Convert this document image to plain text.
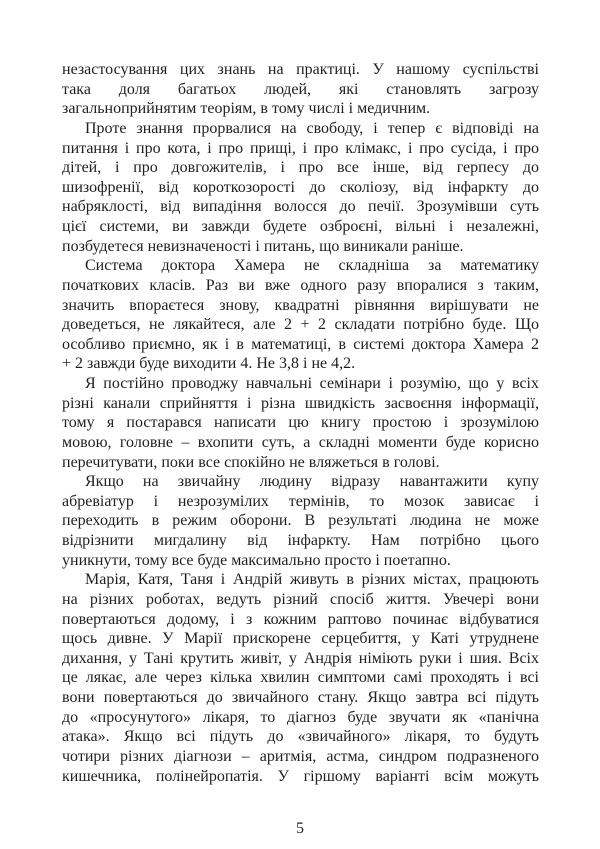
незастосування цих знань на практиці. У нашому суспільстві
така доля багатьох людей, які становлять загрозу
загальноприйнятим теоріям, в тому числі і медичним.
Проте знання прорвалися на свободу, і тепер є відповіді на
питання і про кота, і про прищі, і про клімакс, і про сусіда, і про
дітей, і про довгожителів, і про все інше, від герпесу до
шизофренії, від короткозорості до сколіозу, від інфаркту до
набряклості, від випадіння волосся до печії. Зрозумівши суть
цієї системи, ви завжди будете озброєні, вільні і незалежні,
позбудетеся невизначеності і питань, що виникали раніше.
Система доктора Хамера не складніша за математику
початкових класів. Раз ви вже одного разу впоралися з таким,
значить впораєтеся знову, квадратні рівняння вирішувати не
доведеться, не лякайтеся, але 2 + 2 складати потрібно буде. Що
особливо приємно, як і в математиці, в системі доктора Хамера 2
+ 2 завжди буде виходити 4. Не 3,8 і не 4,2.
Я постійно проводжу навчальні семінари і розумію, що у всіх
різні канали сприйняття і різна швидкість засвоєння інформації,
тому я постарався написати цю книгу простою і зрозумілою
мовою, головне – вхопити суть, а складні моменти буде корисно
перечитувати, поки все спокійно не вляжеться в голові.
Якщо на звичайну людину відразу навантажити купу
абревіатур і незрозумілих термінів, то мозок зависає і
переходить в режим оборони. В результаті людина не може
відрізнити мигдалину від інфаркту. Нам потрібно цього
уникнути, тому все буде максимально просто і поетапно.
Марія, Катя, Таня і Андрій живуть в різних містах, працюють
на різних роботах, ведуть різний спосіб життя. Увечері вони
повертаються додому, і з кожним раптово починає відбуватися
щось дивне. У Марії прискорене серцебиття, у Каті утруднене
дихання, у Тані крутить живіт, у Андрія німіють руки і шия. Всіх
це лякає, але через кілька хвилин симптоми самі проходять і всі
вони повертаються до звичайного стану. Якщо завтра всі підуть
до «просунутого» лікаря, то діагноз буде звучати як «панічна
атака». Якщо всі підуть до «звичайного» лікаря, то будуть
чотири різних діагнози – аритмія, астма, синдром подразненого
кишечника, полінейропатія. У гіршому варіанті всім можуть
5
